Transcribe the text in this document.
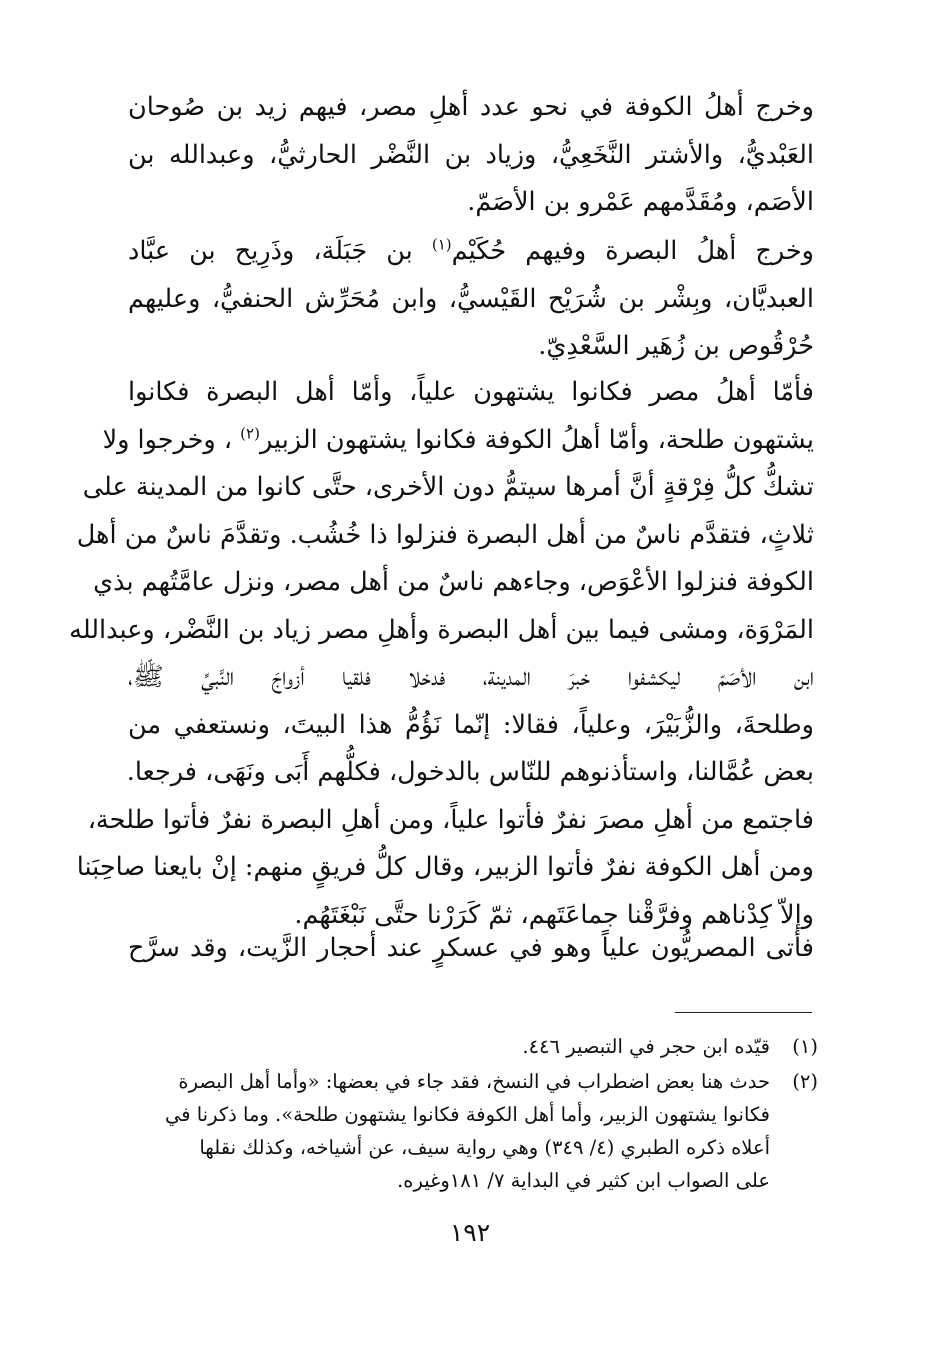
وخرج أهلُ الكوفة في نحو عدد أهلِ مصر، فيهم زيد بن صُوحان
العَبْديُّ، والأشتر النَّخَعِيُّ، وزياد بن النَّضْر الحارثيُّ، وعبدالله بن
الأصَم، ومُقَدَّمهم عَمْرو بن الأصَمّ.
وخرج أهلُ البصرة وفيهم حُكَيْم$^{(١)}$ بن جَبَلَة، وذَرِيح بن عبَّاد
العبديَّان، وبِشْر بن شُرَيْح القَيْسيُّ، وابن مُحَرِّش الحنفيُّ، وعليهم
حُرْقُوص بن زُهَير السَّعْدِيّ.
فأمّا أهلُ مصر فكانوا يشتهون علياً، وأمّا أهل البصرة فكانوا
يشتهون طلحة، وأمّا أهلُ الكوفة فكانوا يشتهون الزبير$^{(٢)}$ ، وخرجوا ولا
تشكُّ كلُّ فِرْقةٍ أنَّ أمرها سيتمُّ دون الأخرى، حتَّى كانوا من المدينة على
ثلاثٍ، فتقدَّم ناسٌ من أهل البصرة فنزلوا ذا خُشُب. وتقدَّمَ ناسٌ من أهل
الكوفة فنزلوا الأعْوَص، وجاءهم ناسٌ من أهل مصر، ونزل عامَّتُهم بذي
المَرْوَة، ومشى فيما بين أهل البصرة وأهلِ مصر زياد بن النَّضْر، وعبدالله
ابن الأصَمّ ليكشفوا خبرَ المدينة، فدخلا فلقيا أزواجَ النَّبيِّ ﷺ،
وطلحةَ، والزُّبَيْرَ، وعلياً، فقالا: إنّما نَؤُمُّ هذا البيتَ، ونستعفي من
بعض عُمَّالنا، واستأذنوهم للنّاس بالدخول، فكلُّهم أَبَى ونَهَى، فرجعا.
فاجتمع من أهلِ مصرَ نفرٌ فأتوا علياً، ومن أهلِ البصرة نفرٌ فأتوا طلحة،
ومن أهل الكوفة نفرٌ فأتوا الزبير، وقال كلُّ فريقٍ منهم: إنْ بايعنا صاحِبَنا
وإلاّ كِدْناهم وفرَّقْنا جماعَتَهم، ثمّ كَرَرْنا حتَّى نَبْغَتَهُم.
فأتى المصريُّون علياً وهو في عسكرٍ عند أحجار الزَّيت، وقد سرَّح
(١)
قيّده ابن حجر في التبصير ٤٤٦.
(٢)
حدث هنا بعض اضطراب في النسخ، فقد جاء في بعضها: «وأما أهل البصرة
فكانوا يشتهون الزبير، وأما أهل الكوفة فكانوا يشتهون طلحة». وما ذكرنا في
أعلاه ذكره الطبري (٤/ ٣٤٩) وهي رواية سيف، عن أشياخه، وكذلك نقلها
على الصواب ابن كثير في البداية ٧/ ١٨١وغيره.
١٩٢
